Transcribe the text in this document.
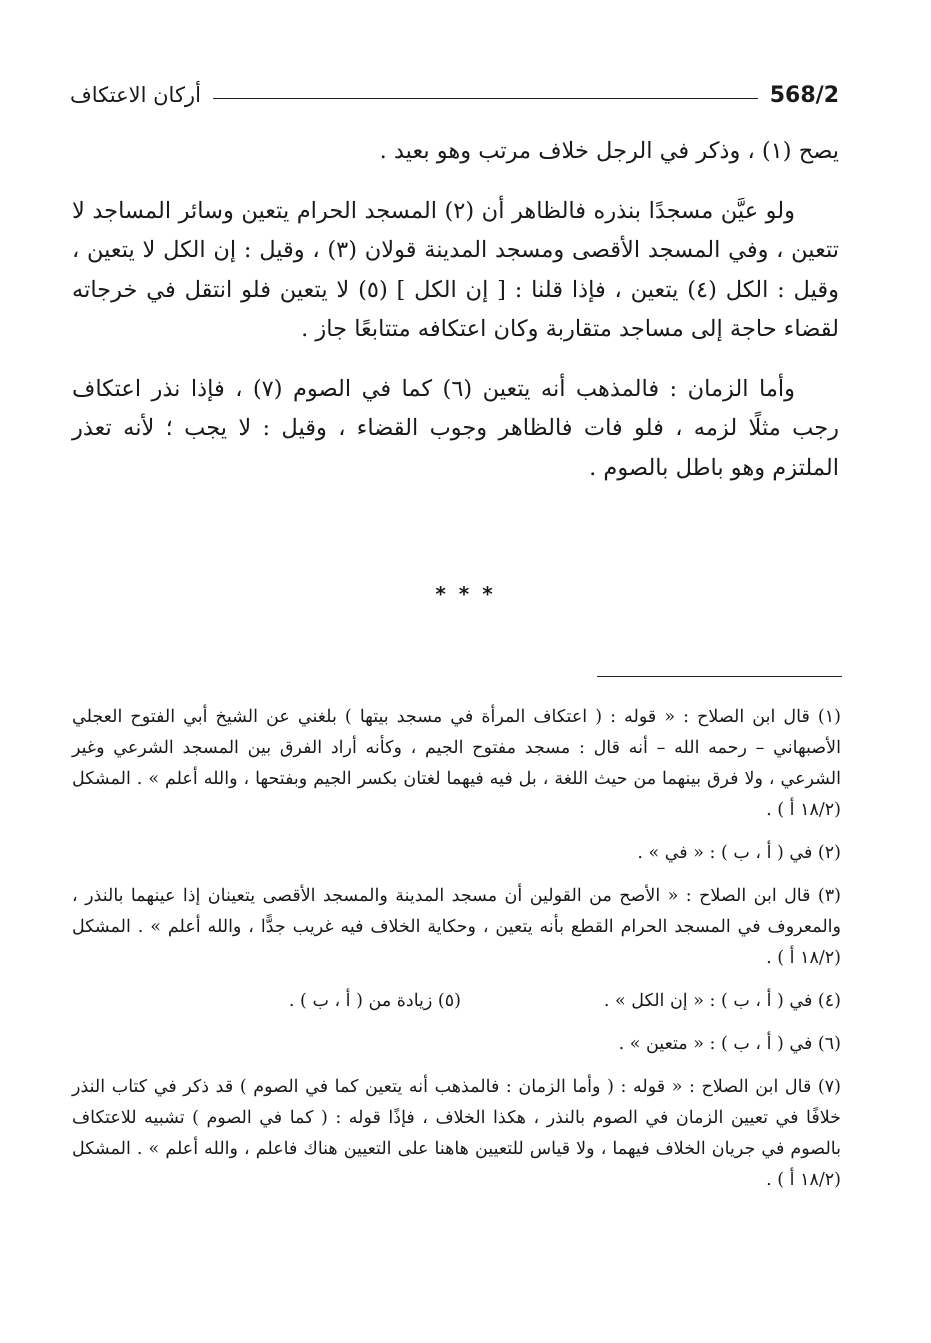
أركان الاعتكاف	568/2

يصح (١) ، وذكر في الرجل خلاف مرتب وهو بعيد .

ولو عيَّن مسجدًا بنذره فالظاهر أن (٢) المسجد الحرام يتعين وسائر المساجد لا تتعين ، وفي المسجد الأقصى ومسجد المدينة قولان (٣) ، وقيل : إن الكل لا يتعين ، وقيل : الكل (٤) يتعين ، فإذا قلنا : [ إن الكل ] (٥) لا يتعين فلو انتقل في خرجاته لقضاء حاجة إلى مساجد متقاربة وكان اعتكافه متتابعًا جاز .

وأما الزمان : فالمذهب أنه يتعين (٦) كما في الصوم (٧) ، فإذا نذر اعتكاف رجب مثلًا لزمه ، فلو فات فالظاهر وجوب القضاء ، وقيل : لا يجب ؛ لأنه تعذر الملتزم وهو باطل بالصوم .

* * *

(١) قال ابن الصلاح : « قوله : ( اعتكاف المرأة في مسجد بيتها ) بلغني عن الشيخ أبي الفتوح العجلي الأصبهاني – رحمه الله – أنه قال : مسجد مفتوح الجيم ، وكأنه أراد الفرق بين المسجد الشرعي وغير الشرعي ، ولا فرق بينهما من حيث اللغة ، بل فيه فيهما لغتان بكسر الجيم وبفتحها ، والله أعلم » . المشكل (١٨/٢ أ ) .

(٢) في ( أ ، ب ) : « في » .

(٣) قال ابن الصلاح : « الأصح من القولين أن مسجد المدينة والمسجد الأقصى يتعينان إذا عينهما بالنذر ، والمعروف في المسجد الحرام القطع بأنه يتعين ، وحكاية الخلاف فيه غريب جدًّا ، والله أعلم » . المشكل (١٨/٢ أ ) .

(٤) في ( أ ، ب ) : « إن الكل » .
(٥) زيادة من ( أ ، ب ) .

(٦) في ( أ ، ب ) : « متعين » .

(٧) قال ابن الصلاح : « قوله : ( وأما الزمان : فالمذهب أنه يتعين كما في الصوم ) قد ذكر في كتاب النذر خلافًا في تعيين الزمان في الصوم بالنذر ، هكذا الخلاف ، فإذًا قوله : ( كما في الصوم ) تشبيه للاعتكاف بالصوم في جريان الخلاف فيهما ، ولا قياس للتعيين هاهنا على التعيين هناك فاعلم ، والله أعلم » . المشكل (١٨/٢ أ ) .
